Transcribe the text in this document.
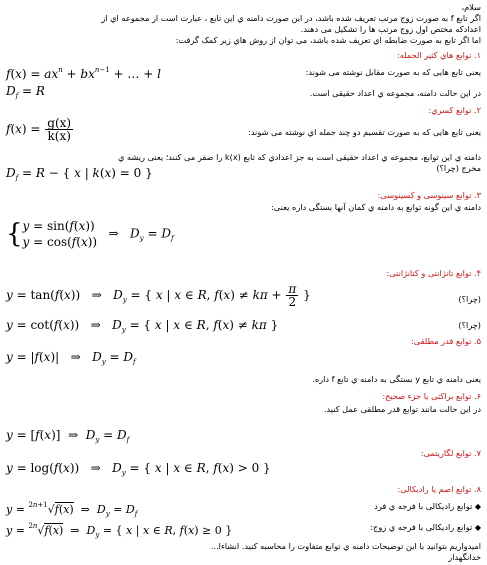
سلام،
اگر تابع f به صورت زوج مرتب تعریف شده باشد، در این صورت دامنه ي این تابع ، عبارت است از مجموعه اي از
اعدادکه مختص اول زوج مرتب ها را تشکیل می دهند.
اما اگر تابع به صورت ضابطه اي تعریف شده باشد، می توان از روش هاي زیر کمک گرفت:
۱. توابع هاي کثیر الجمله:
$f(x) = ax^n + bx^{n-1}$ + … + l	یعنی تابع هایی که به صورت مقابل نوشته می شوند:
$D_f = R$	در این حالت دامنه، مجموعه ي اعداد حقیقی است.
۲. توابع کسري:
$f(x) = \frac{g(x)}{k(x)}$	یعنی تابع هایی که به صورت تقسیم دو چند جمله اي نوشته می شوند:
دامنه ي این توابع، مجموعه ي اعداد حقیقی است به جز اعدادي که تابع k(x) را صفر می کنند؛ یعنی ریشه ي
مخرج (چرا؟)
$D_f = R$ − { x | k(x) = 0 }
۳. توابع سینوسی و کسینوسی:
دامنه ي این گونه توابع به دامنه ي کمان آنها بستگی داره یعنی:
{ y = sin(f(x))
y = cos(f(x))
⇒   $D_y = D_f$
۴. توابع تانژانتی و کتانژانتی:
y = tan(f(x))   ⇒   $D_y$ = { x | x ∈ R, $f(x) \ne k\pi + \frac{\pi}{2}$ }	(چرا؟)
y = cot(f(x))   ⇒   $D_y$ = { x | x ∈ R, f(x) ≠ kπ }	(چرا؟)
۵. توابع قدر مطلقی:
y = |f(x)|   ⇒   $D_y = D_f$
یعنی دامنه ي تابع y بستگی به دامنه ي تابع f داره.
۶. توابع براکتی یا جزء صحیح:
در این حالت مانند توابع قدر مطلقی عمل کنید.
y = [f(x)]  ⇒  $D_y = D_f$
۷. توابع لگاریتمی:
y = log(f(x))   ⇒   $D_y$ = { x | x ∈ R, f(x) > 0 }
۸. توابع اصم یا رادیکالی:
y = $^{2n+1}$√f(x)  ⇒  $D_y = D_f$
◆ توابع رادیکالی با فرجه ي فرد
y = $^{2n}$√f(x)  ⇒  $D_y$ = { x | x ∈ R, f(x) ≥ 0 }	◆ توابع رادیکالی با فرجه ي زوج:
امیدواریم بتوانید با این توضیحات دامنه ي توابع متفاوت را محاسبه کنید. انشاءا...
خدانگهدار
